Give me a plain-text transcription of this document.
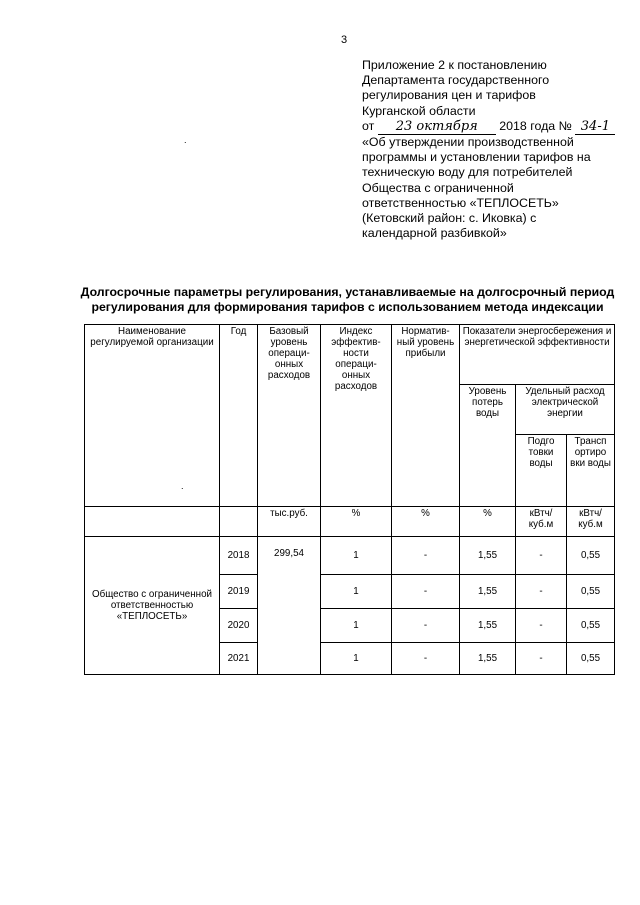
3
Приложение 2 к постановлению
Департамента государственного
регулирования цен и тарифов
Курганской области
от 23 октября 2018 года № 34-1
«Об утверждении производственной
программы и установлении тарифов на
техническую воду для потребителей
Общества с ограниченной
ответственностью «ТЕПЛОСЕТЬ»
(Кетовский район: с. Иковка) с
календарной разбивкой»
Долгосрочные параметры регулирования, устанавливаемые на долгосрочный период
регулирования для формирования тарифов с использованием метода индексации
.
.
Наименование регулируемой организации	Год	Базовый уровень операци-онных расходов	Индекс эффектив-ности операци-онных расходов	Норматив-ный уровень прибыли	Показатели энергосбережения и энергетической эффективности		
					Уровень потерь воды	Удельный расход электрической энергии	
						Подго товки воды	Трансп ортиро вки воды
		тыс.руб.	%	%	%	кВтч/ куб.м	кВтч/ куб.м
Общество с ограниченной ответственностью «ТЕПЛОСЕТЬ»	2018	299,54	1	-	1,55	-	0,55
	2019		1	-	1,55	-	0,55
	2020		1	-	1,55	-	0,55
	2021		1	-	1,55	-	0,55
